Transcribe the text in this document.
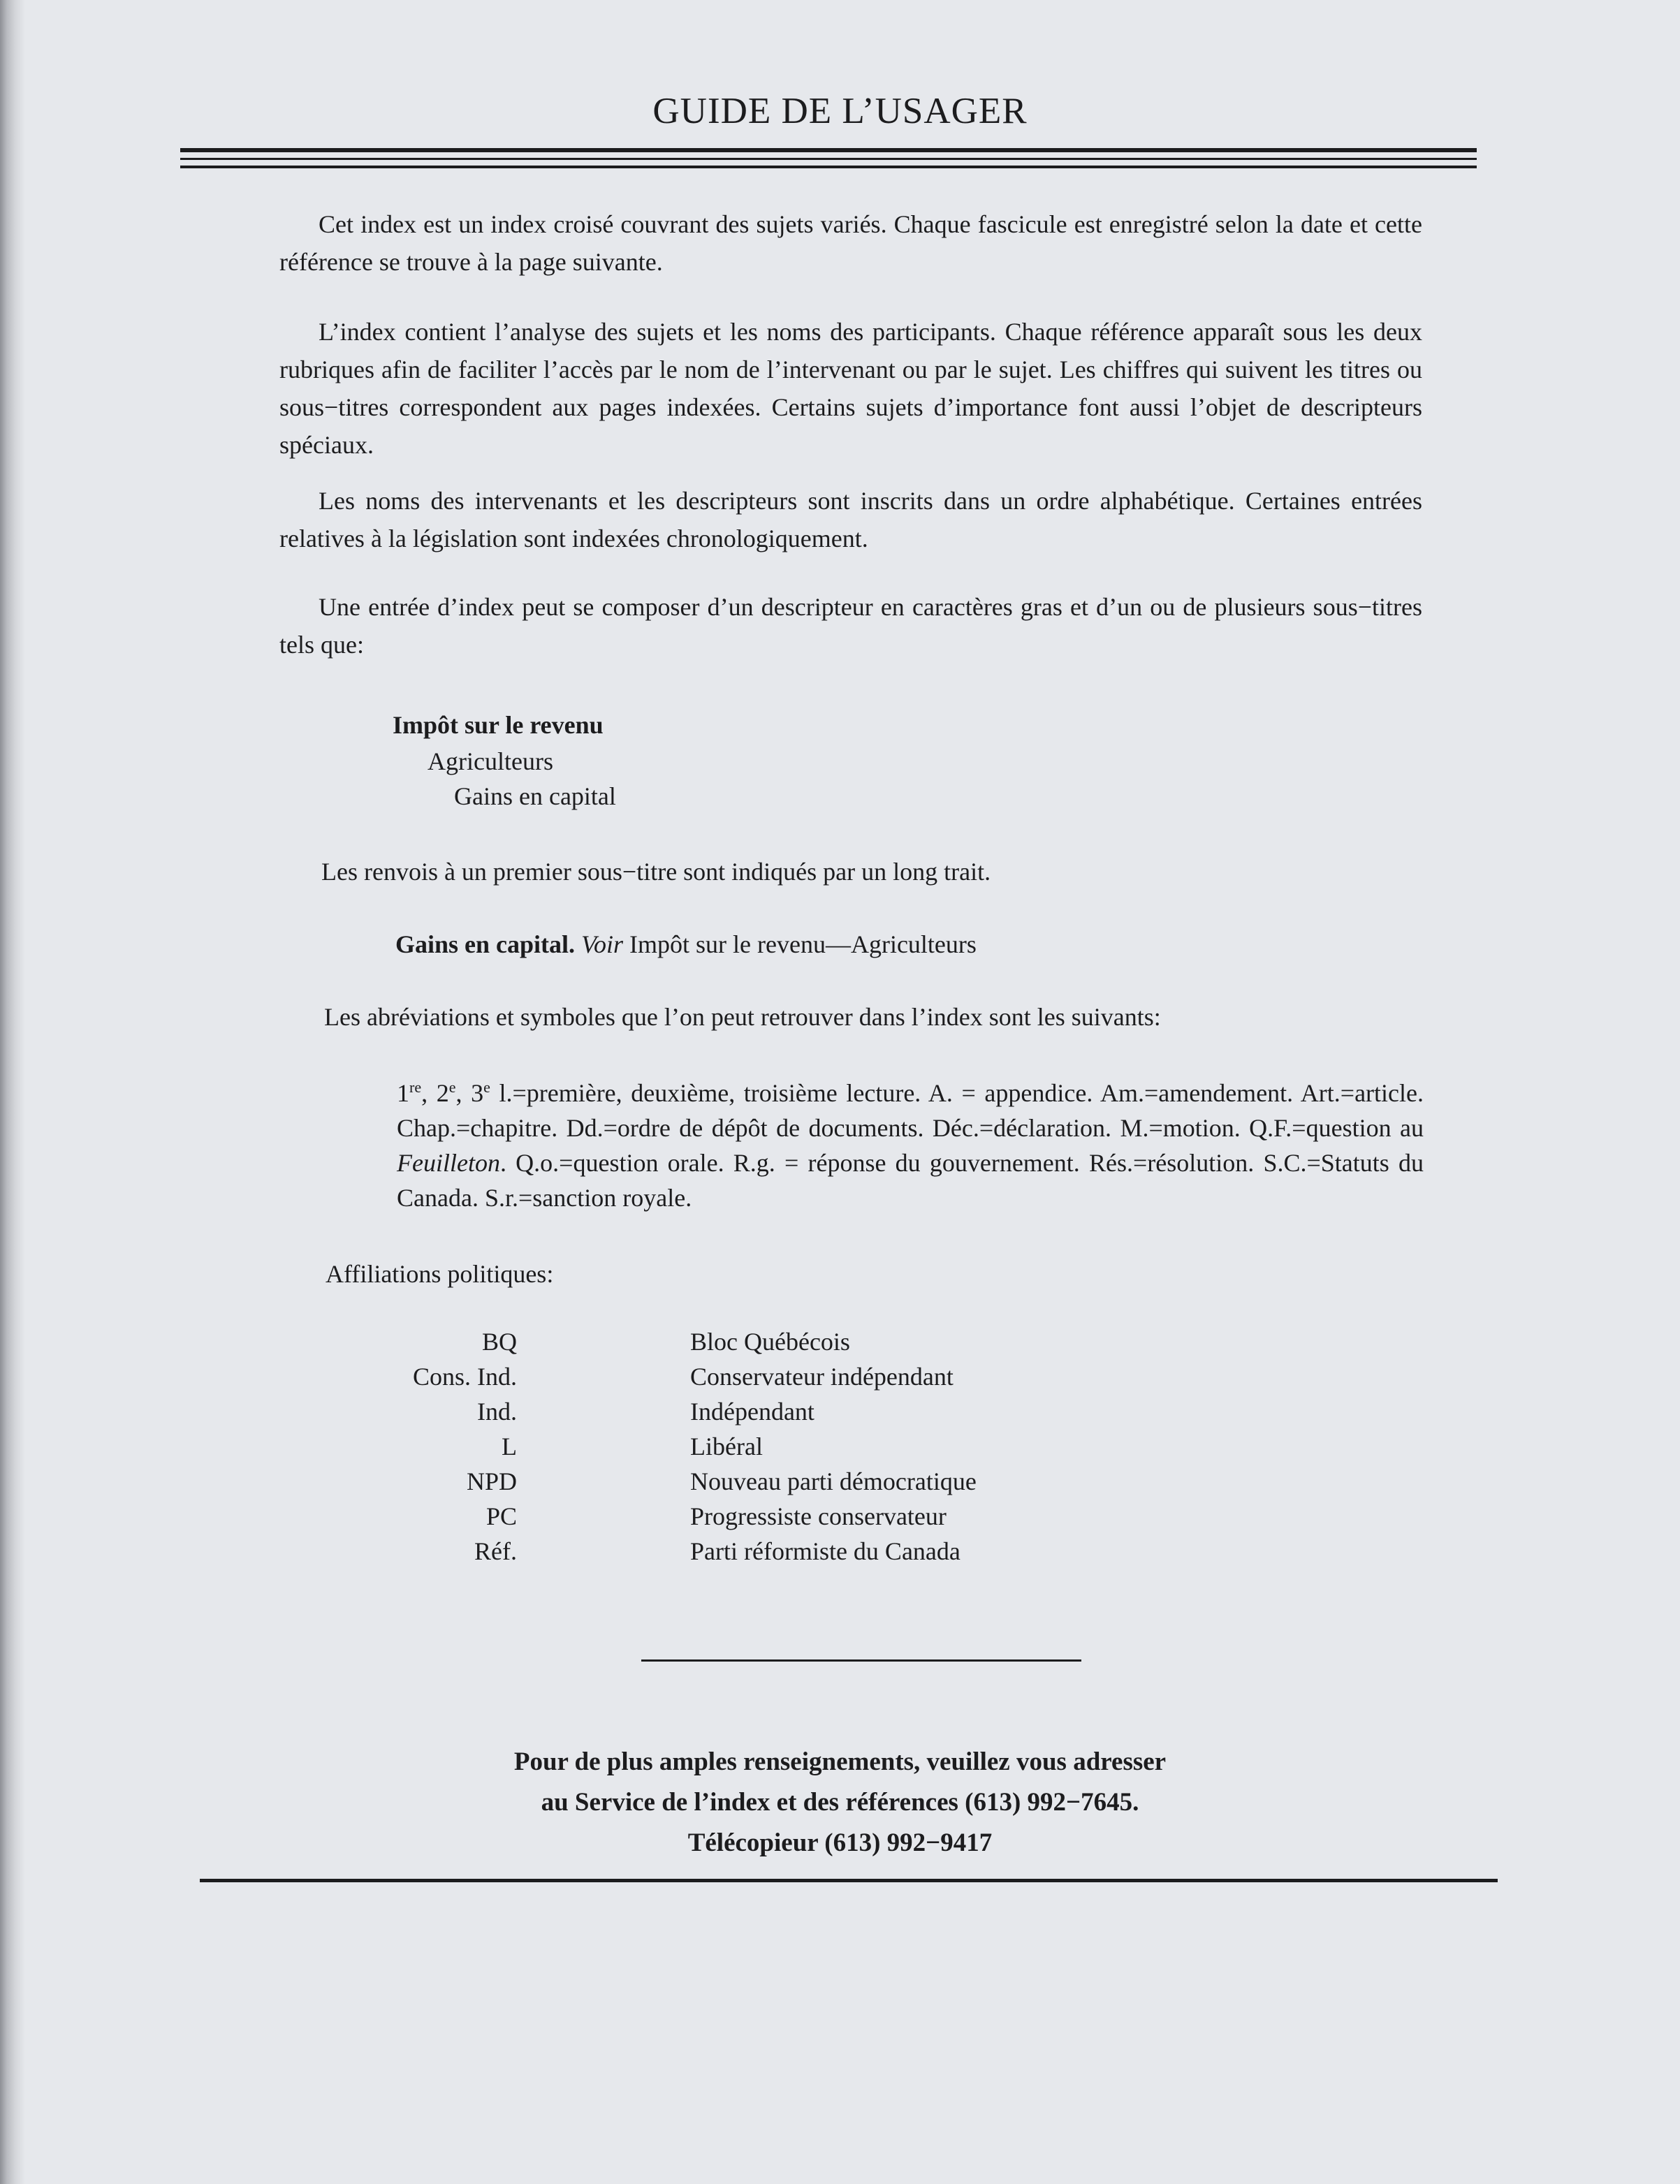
GUIDE DE L’USAGER

Cet index est un index croisé couvrant des sujets variés. Chaque fascicule est enregistré selon la date et cette référence se trouve à la page suivante.

L’index contient l’analyse des sujets et les noms des participants. Chaque référence apparaît sous les deux rubriques afin de faciliter l’accès par le nom de l’intervenant ou par le sujet. Les chiffres qui suivent les titres ou sous−titres correspondent aux pages indexées. Certains sujets d’importance font aussi l’objet de descripteurs spéciaux.

Les noms des intervenants et les descripteurs sont inscrits dans un ordre alphabétique. Certaines entrées relatives à la législation sont indexées chronologiquement.

Une entrée d’index peut se composer d’un descripteur en caractères gras et d’un ou de plusieurs sous−titres tels que:

Impôt sur le revenu
Agriculteurs
Gains en capital

Les renvois à un premier sous−titre sont indiqués par un long trait.

Gains en capital. Voir Impôt sur le revenu—Agriculteurs

Les abréviations et symboles que l’on peut retrouver dans l’index sont les suivants:

1re, 2e, 3e l.=première, deuxième, troisième lecture. A. = appendice. Am.=amendement. Art.=article. Chap.=chapitre. Dd.=ordre de dépôt de documents. Déc.=déclaration. M.=motion. Q.F.=question au Feuilleton. Q.o.=question orale. R.g. = réponse du gouvernement. Rés.=résolution. S.C.=Statuts du Canada. S.r.=sanction royale.

Affiliations politiques:
BQ	Bloc Québécois
Cons. Ind.	Conservateur indépendant
Ind.	Indépendant
L	Libéral
NPD	Nouveau parti démocratique
PC	Progressiste conservateur
Réf.	Parti réformiste du Canada
Pour de plus amples renseignements, veuillez vous adresser
au Service de l’index et des références (613) 992−7645.
Télécopieur (613) 992−9417
